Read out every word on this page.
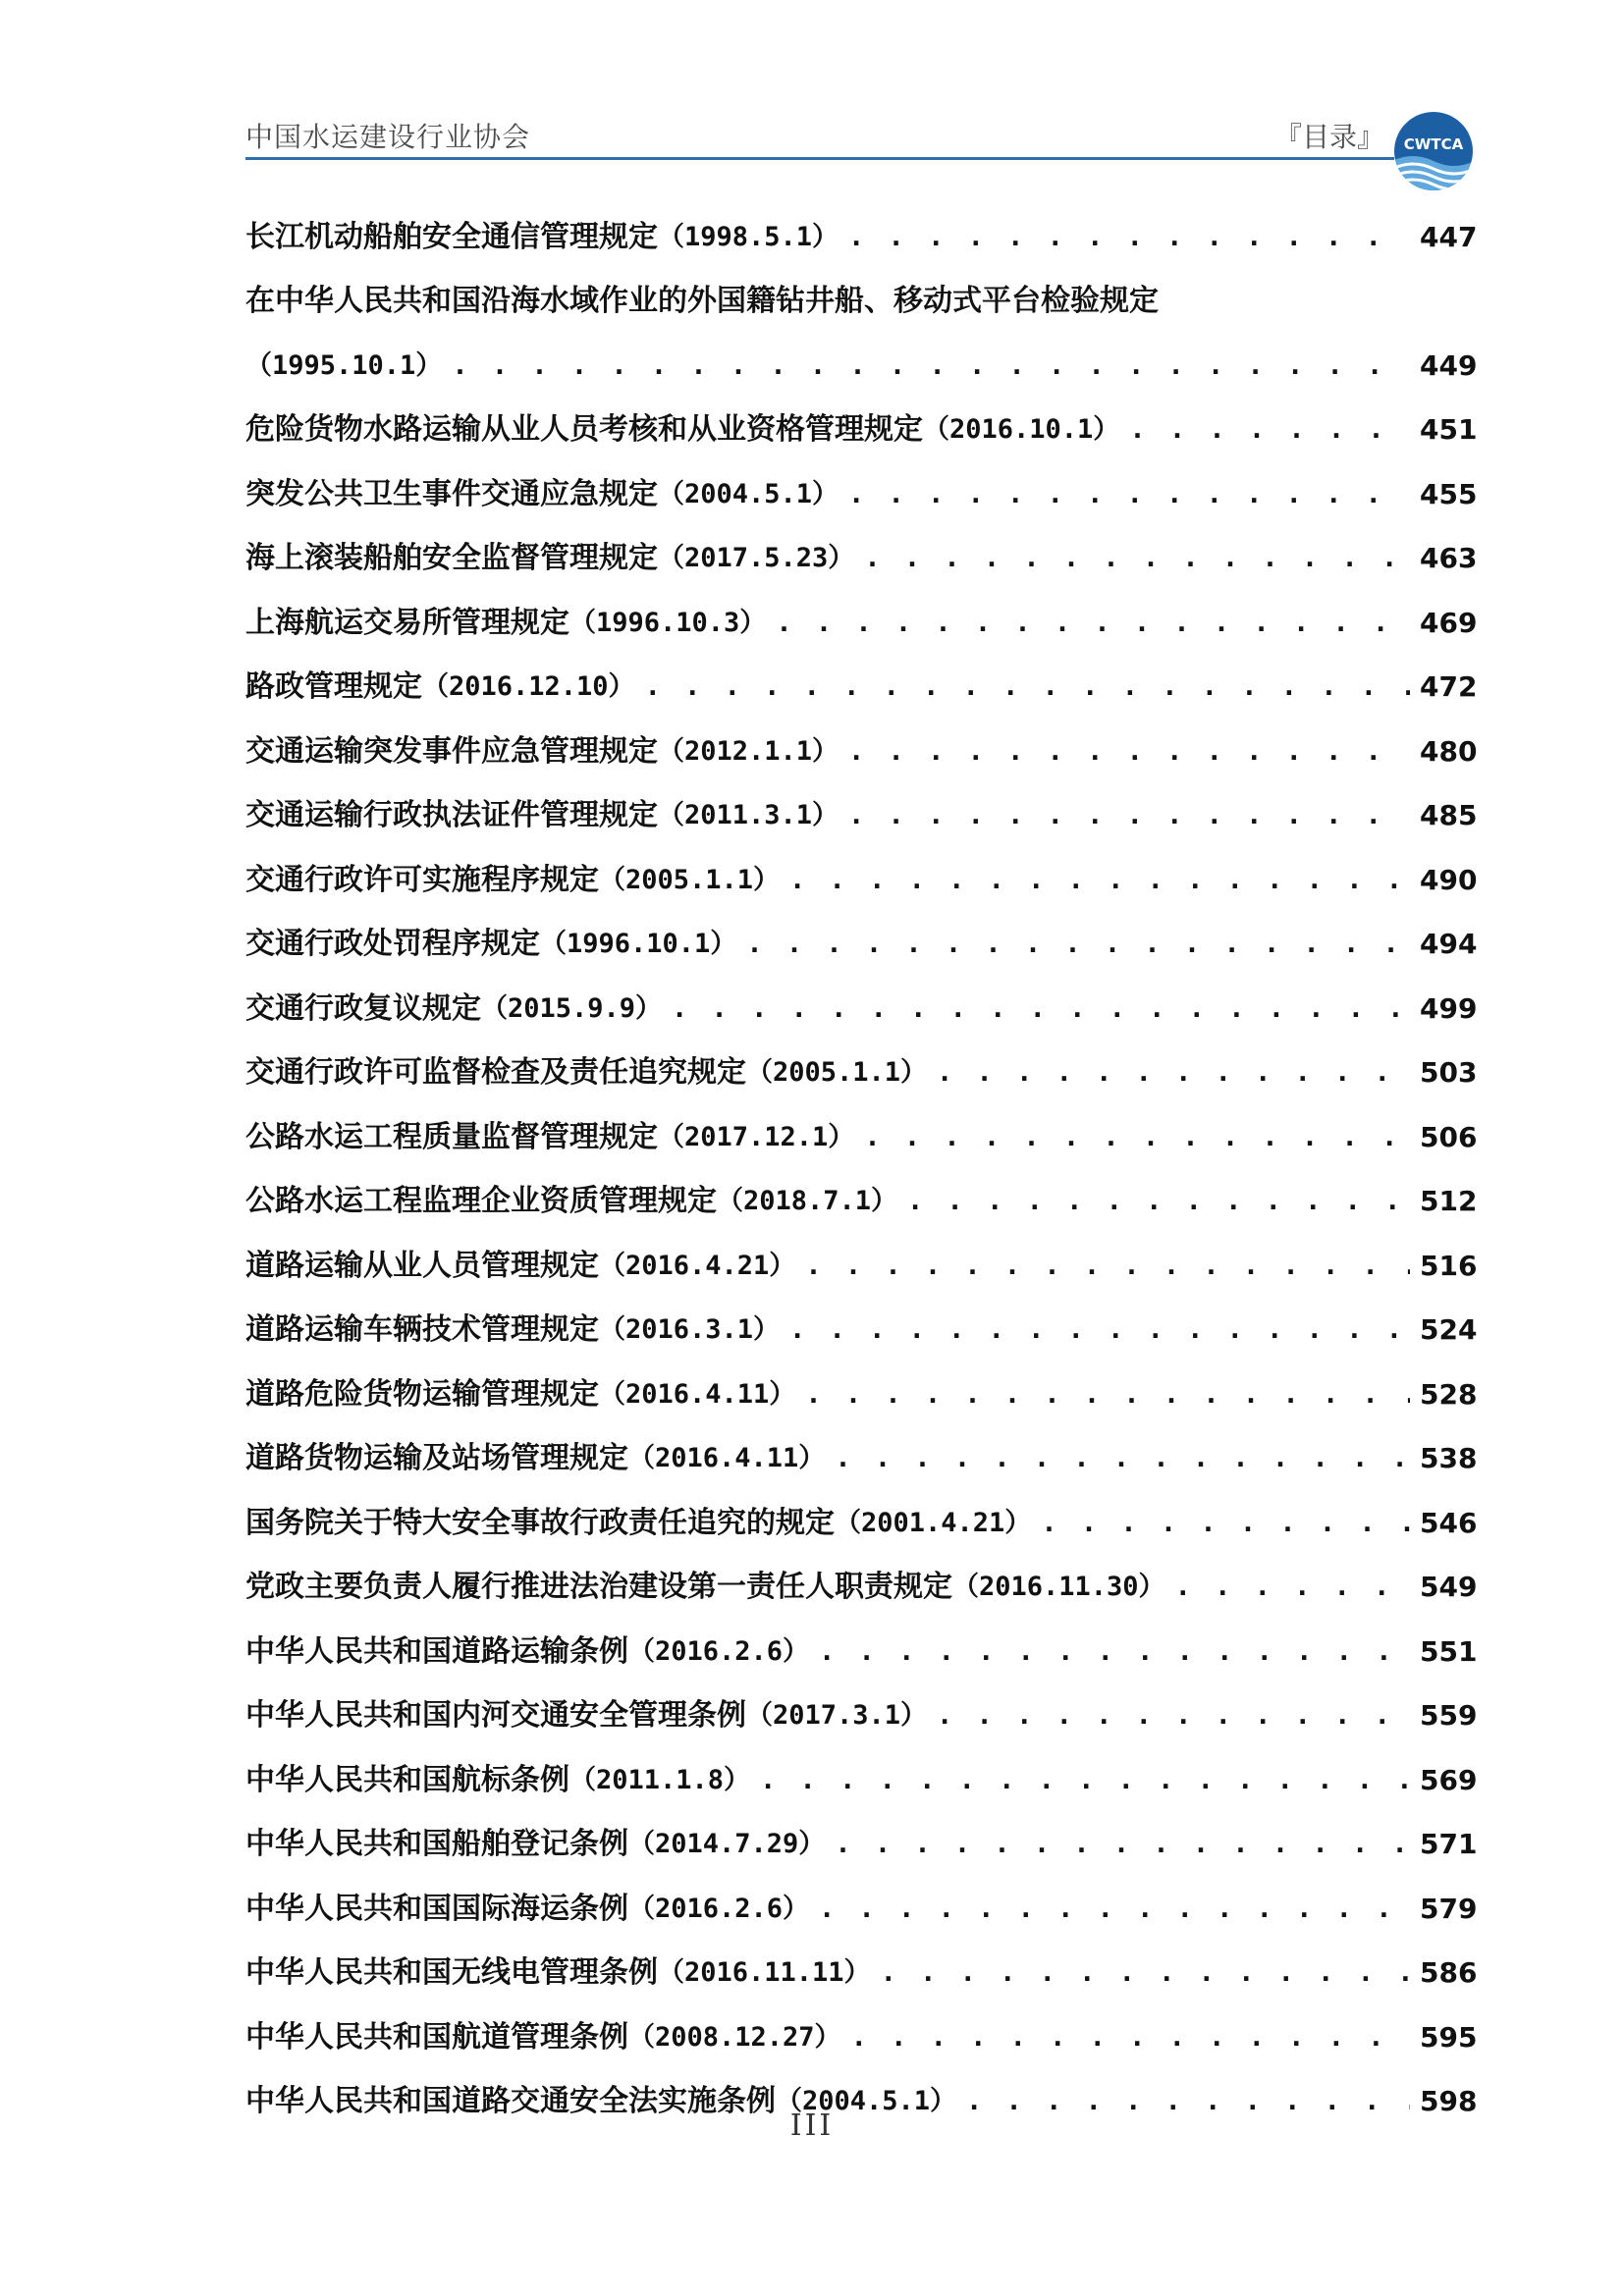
中国水运建设行业协会	『目录』 CWTCA
长江机动船舶安全通信管理规定 （1998.5.1） . . .	447
在中华人民共和国沿海水域作业的外国籍钻井船、移动式平台检验规定
（1995.10.1） . . .	449
危险货物水路运输从业人员考核和从业资格管理规定 （2016.10.1） . . .	451
突发公共卫生事件交通应急规定 （2004.5.1） . . .	455
海上滚装船舶安全监督管理规定 （2017.5.23） . . .	463
上海航运交易所管理规定 （1996.10.3） . . .	469
路政管理规定 （2016.12.10） . . .	472
交通运输突发事件应急管理规定 （2012.1.1） . . .	480
交通运输行政执法证件管理规定 （2011.3.1） . . .	485
交通行政许可实施程序规定 （2005.1.1） . . .	490
交通行政处罚程序规定 （1996.10.1） . . .	494
交通行政复议规定 （2015.9.9） . . .	499
交通行政许可监督检查及责任追究规定 （2005.1.1） . . .	503
公路水运工程质量监督管理规定 （2017.12.1） . . .	506
公路水运工程监理企业资质管理规定 （2018.7.1） . . .	512
道路运输从业人员管理规定 （2016.4.21） . . .	516
道路运输车辆技术管理规定 （2016.3.1） . . .	524
道路危险货物运输管理规定 （2016.4.11） . . .	528
道路货物运输及站场管理规定 （2016.4.11） . . .	538
国务院关于特大安全事故行政责任追究的规定 （2001.4.21） . . .	546
党政主要负责人履行推进法治建设第一责任人职责规定 （2016.11.30） . . .	549
中华人民共和国道路运输条例 （2016.2.6） . . .	551
中华人民共和国内河交通安全管理条例 （2017.3.1） . . .	559
中华人民共和国航标条例 （2011.1.8） . . .	569
中华人民共和国船舶登记条例 （2014.7.29） . . .	571
中华人民共和国国际海运条例 （2016.2.6） . . .	579
中华人民共和国无线电管理条例 （2016.11.11） . . .	586
中华人民共和国航道管理条例 （2008.12.27） . . .	595
中华人民共和国道路交通安全法实施条例 （2004.5.1） . . .	598
III
